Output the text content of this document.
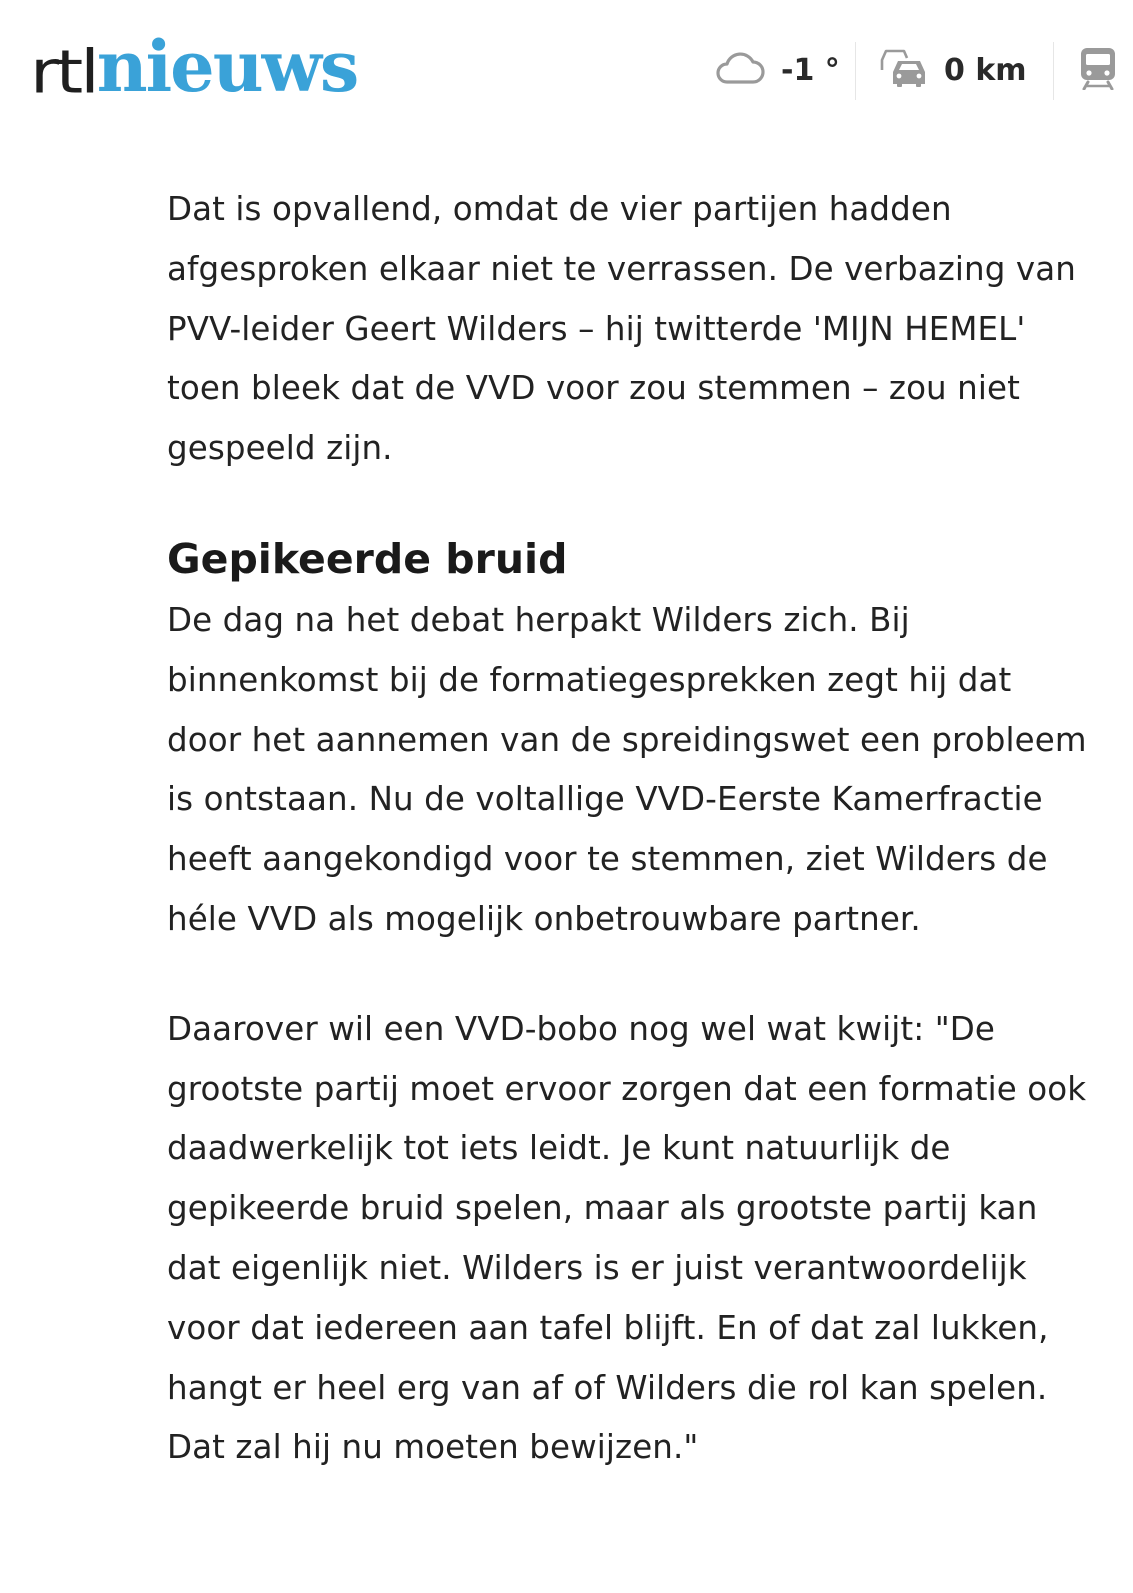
rtl nieuws	-1 °	0 km

Dat is opvallend, omdat de vier partijen hadden afgesproken elkaar niet te verrassen. De verbazing van PVV-leider Geert Wilders – hij twitterde 'MIJN HEMEL' toen bleek dat de VVD voor zou stemmen – zou niet gespeeld zijn.

Gepikeerde bruid

De dag na het debat herpakt Wilders zich. Bij binnenkomst bij de formatiegesprekken zegt hij dat door het aannemen van de spreidingswet een probleem is ontstaan. Nu de voltallige VVD-Eerste Kamerfractie heeft aangekondigd voor te stemmen, ziet Wilders de héle VVD als mogelijk onbetrouwbare partner.

Daarover wil een VVD-bobo nog wel wat kwijt: "De grootste partij moet ervoor zorgen dat een formatie ook daadwerkelijk tot iets leidt. Je kunt natuurlijk de gepikeerde bruid spelen, maar als grootste partij kan dat eigenlijk niet. Wilders is er juist verantwoordelijk voor dat iedereen aan tafel blijft. En of dat zal lukken, hangt er heel erg van af of Wilders die rol kan spelen. Dat zal hij nu moeten bewijzen."
